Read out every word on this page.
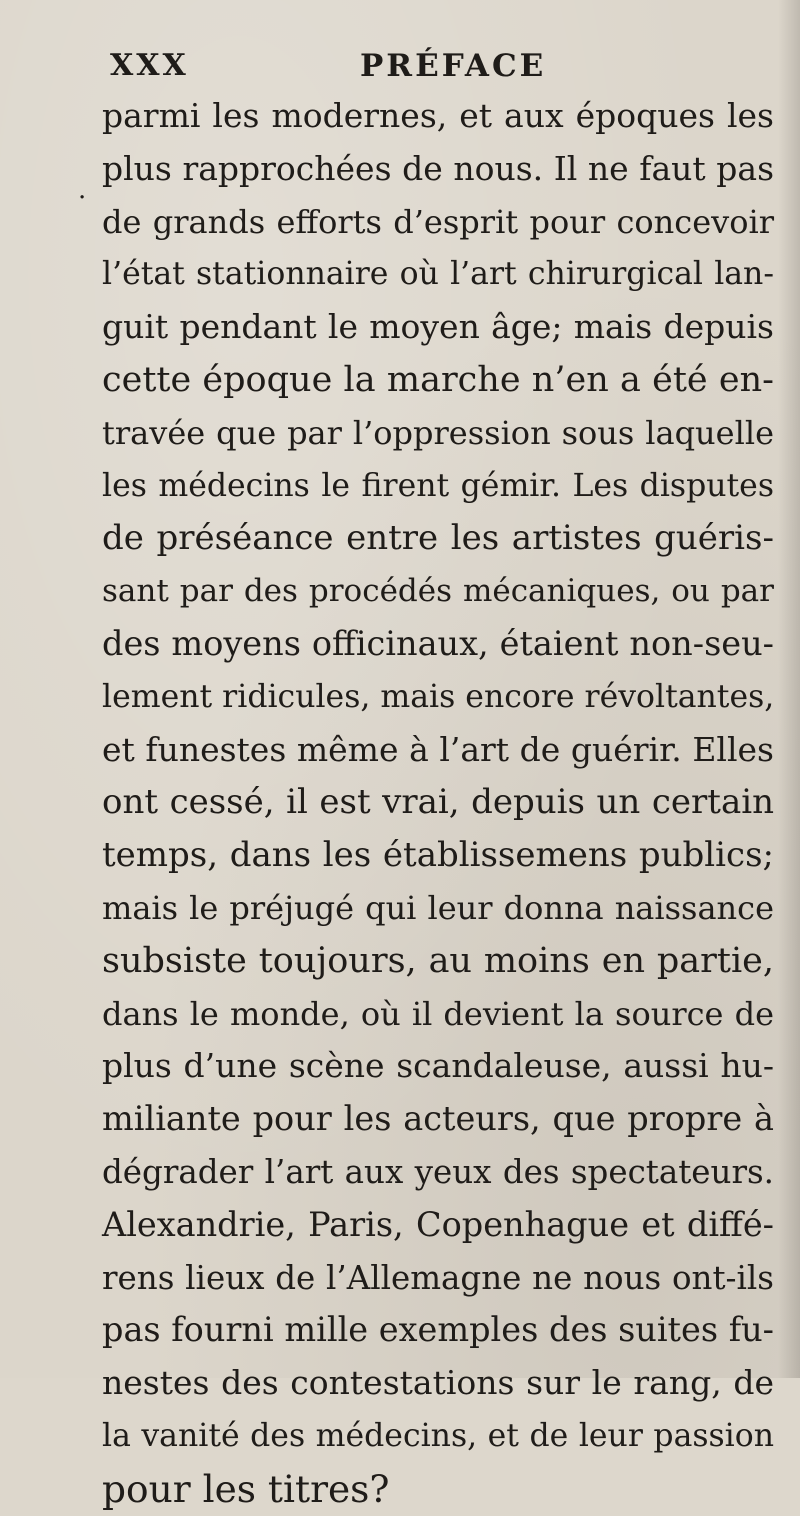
XXX	PRÉFACE
·
parmi les modernes, et aux époques les
plus rapprochées de nous. Il ne faut pas
de grands efforts d’esprit pour concevoir
l’état stationnaire où l’art chirurgical lan-
guit pendant le moyen âge; mais depuis
cette époque la marche n’en a été en-
travée que par l’oppression sous laquelle
les médecins le firent gémir. Les disputes
de préséance entre les artistes guéris-
sant par des procédés mécaniques, ou par
des moyens officinaux, étaient non-seu-
lement ridicules, mais encore révoltantes,
et funestes même à l’art de guérir. Elles
ont cessé, il est vrai, depuis un certain
temps, dans les établissemens publics;
mais le préjugé qui leur donna naissance
subsiste toujours, au moins en partie,
dans le monde, où il devient la source de
plus d’une scène scandaleuse, aussi hu-
miliante pour les acteurs, que propre à
dégrader l’art aux yeux des spectateurs.
Alexandrie, Paris, Copenhague et diffé-
rens lieux de l’Allemagne ne nous ont-ils
pas fourni mille exemples des suites fu-
nestes des contestations sur le rang, de
la vanité des médecins, et de leur passion
pour les titres?
